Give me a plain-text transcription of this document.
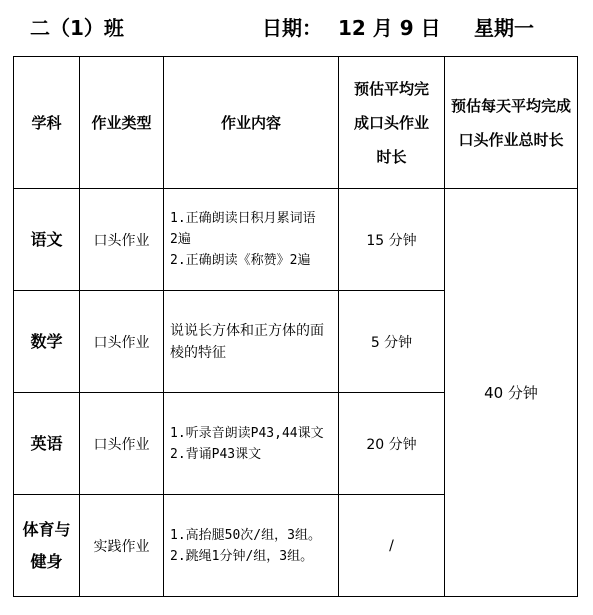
二（1）班	日期： 12 月 9 日 星期一
学科	作业类型	作业内容	预估平均完
成口头作业
时长	预估每天平均完成
口头作业总时长

语文	口头作业	1.正确朗读日积月累词语
2遍
2.正确朗读《称赞》2遍	15 分钟	40 分钟

数学	口头作业	说说长方体和正方体的面
棱的特征	5 分钟	

英语	口头作业	1.听录音朗读P43,44课文
2.背诵P43课文	20 分钟	

体育与
健身	实践作业	1.高抬腿50次/组，3组。
2.跳绳1分钟/组，3组。	/	
